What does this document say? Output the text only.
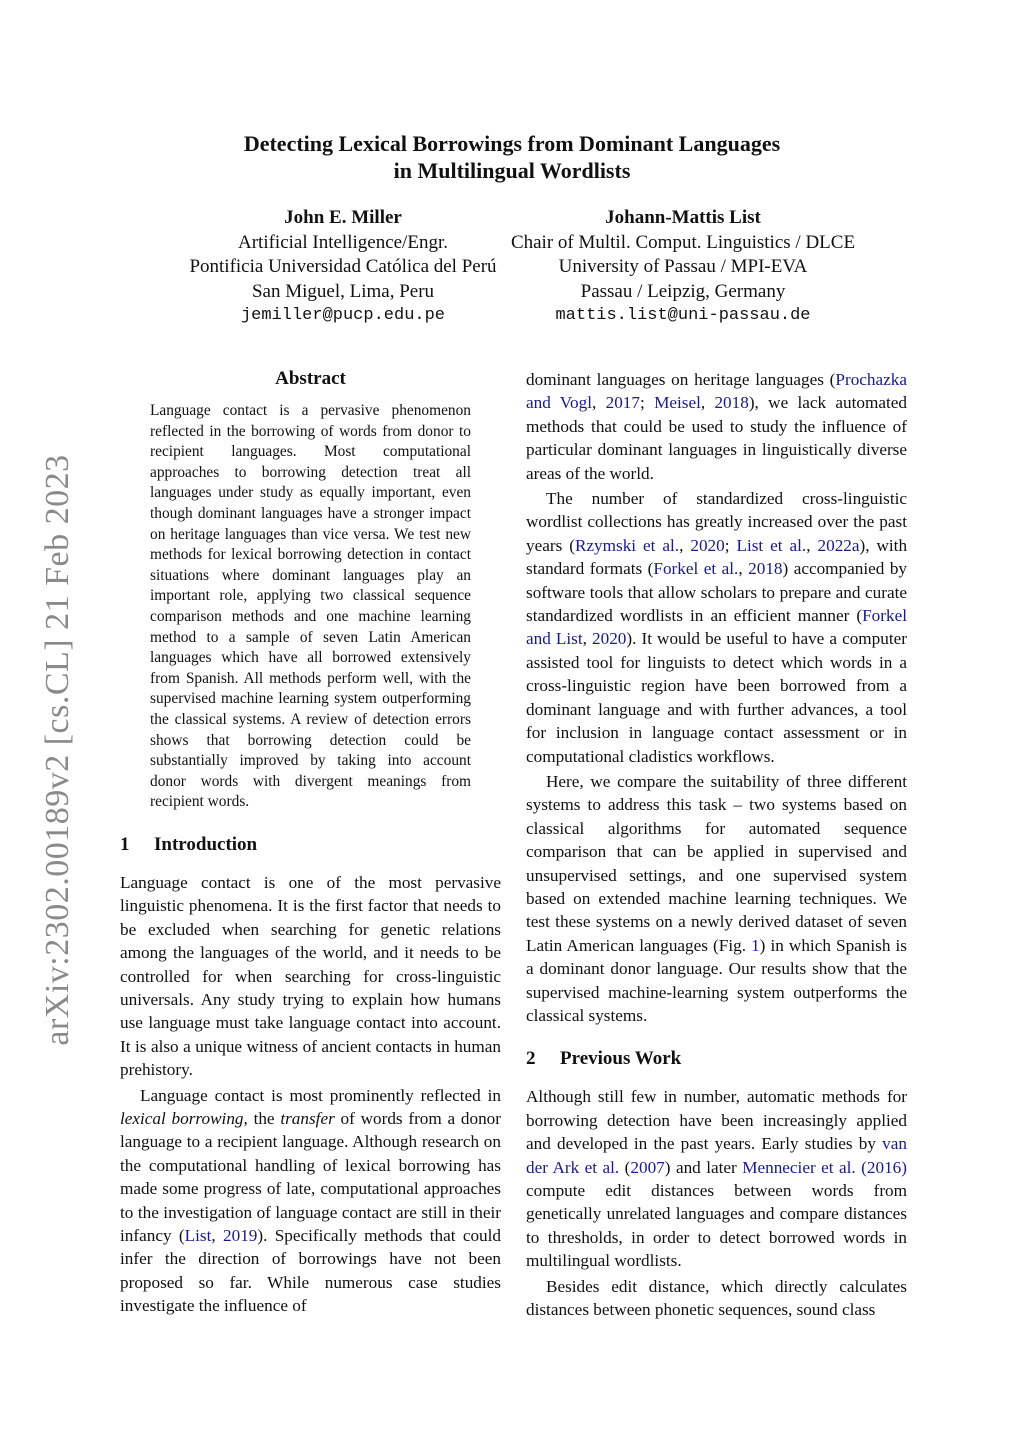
Detecting Lexical Borrowings from Dominant Languages
in Multilingual Wordlists
John E. Miller
Artificial Intelligence/Engr.
Pontificia Universidad Católica del Perú
San Miguel, Lima, Peru
jemiller@pucp.edu.pe
Johann-Mattis List
Chair of Multil. Comput. Linguistics / DLCE
University of Passau / MPI-EVA
Passau / Leipzig, Germany
mattis.list@uni-passau.de
arXiv:2302.00189v2 [cs.CL] 21 Feb 2023
Abstract
Language contact is a pervasive phenomenon reflected in the borrowing of words from donor to recipient languages. Most computational approaches to borrowing detection treat all languages under study as equally important, even though dominant languages have a stronger impact on heritage languages than vice versa. We test new methods for lexical borrowing detection in contact situations where dominant languages play an important role, applying two classical sequence comparison methods and one machine learning method to a sample of seven Latin American languages which have all borrowed extensively from Spanish. All methods perform well, with the supervised machine learning system outperforming the classical systems. A review of detection errors shows that borrowing detection could be substantially improved by taking into account donor words with divergent meanings from recipient words.
1 Introduction

Language contact is one of the most pervasive linguistic phenomena. It is the first factor that needs to be excluded when searching for genetic relations among the languages of the world, and it needs to be controlled for when searching for cross-linguistic universals. Any study trying to explain how humans use language must take language contact into account. It is also a unique witness of ancient contacts in human prehistory.

Language contact is most prominently reflected in lexical borrowing, the transfer of words from a donor language to a recipient language. Although research on the computational handling of lexical borrowing has made some progress of late, computational approaches to the investigation of language contact are still in their infancy (List, 2019). Specifically methods that could infer the direction of borrowings have not been proposed so far. While numerous case studies investigate the influence of

dominant languages on heritage languages (Prochazka and Vogl, 2017; Meisel, 2018), we lack automated methods that could be used to study the influence of particular dominant languages in linguistically diverse areas of the world.

The number of standardized cross-linguistic wordlist collections has greatly increased over the past years (Rzymski et al., 2020; List et al., 2022a), with standard formats (Forkel et al., 2018) accompanied by software tools that allow scholars to prepare and curate standardized wordlists in an efficient manner (Forkel and List, 2020). It would be useful to have a computer assisted tool for linguists to detect which words in a cross-linguistic region have been borrowed from a dominant language and with further advances, a tool for inclusion in language contact assessment or in computational cladistics workflows.

Here, we compare the suitability of three different systems to address this task – two systems based on classical algorithms for automated sequence comparison that can be applied in supervised and unsupervised settings, and one supervised system based on extended machine learning techniques. We test these systems on a newly derived dataset of seven Latin American languages (Fig. 1) in which Spanish is a dominant donor language. Our results show that the supervised machine-learning system outperforms the classical systems.

2 Previous Work

Although still few in number, automatic methods for borrowing detection have been increasingly applied and developed in the past years. Early studies by van der Ark et al. (2007) and later Mennecier et al. (2016) compute edit distances between words from genetically unrelated languages and compare distances to thresholds, in order to detect borrowed words in multilingual wordlists.

Besides edit distance, which directly calculates distances between phonetic sequences, sound class
